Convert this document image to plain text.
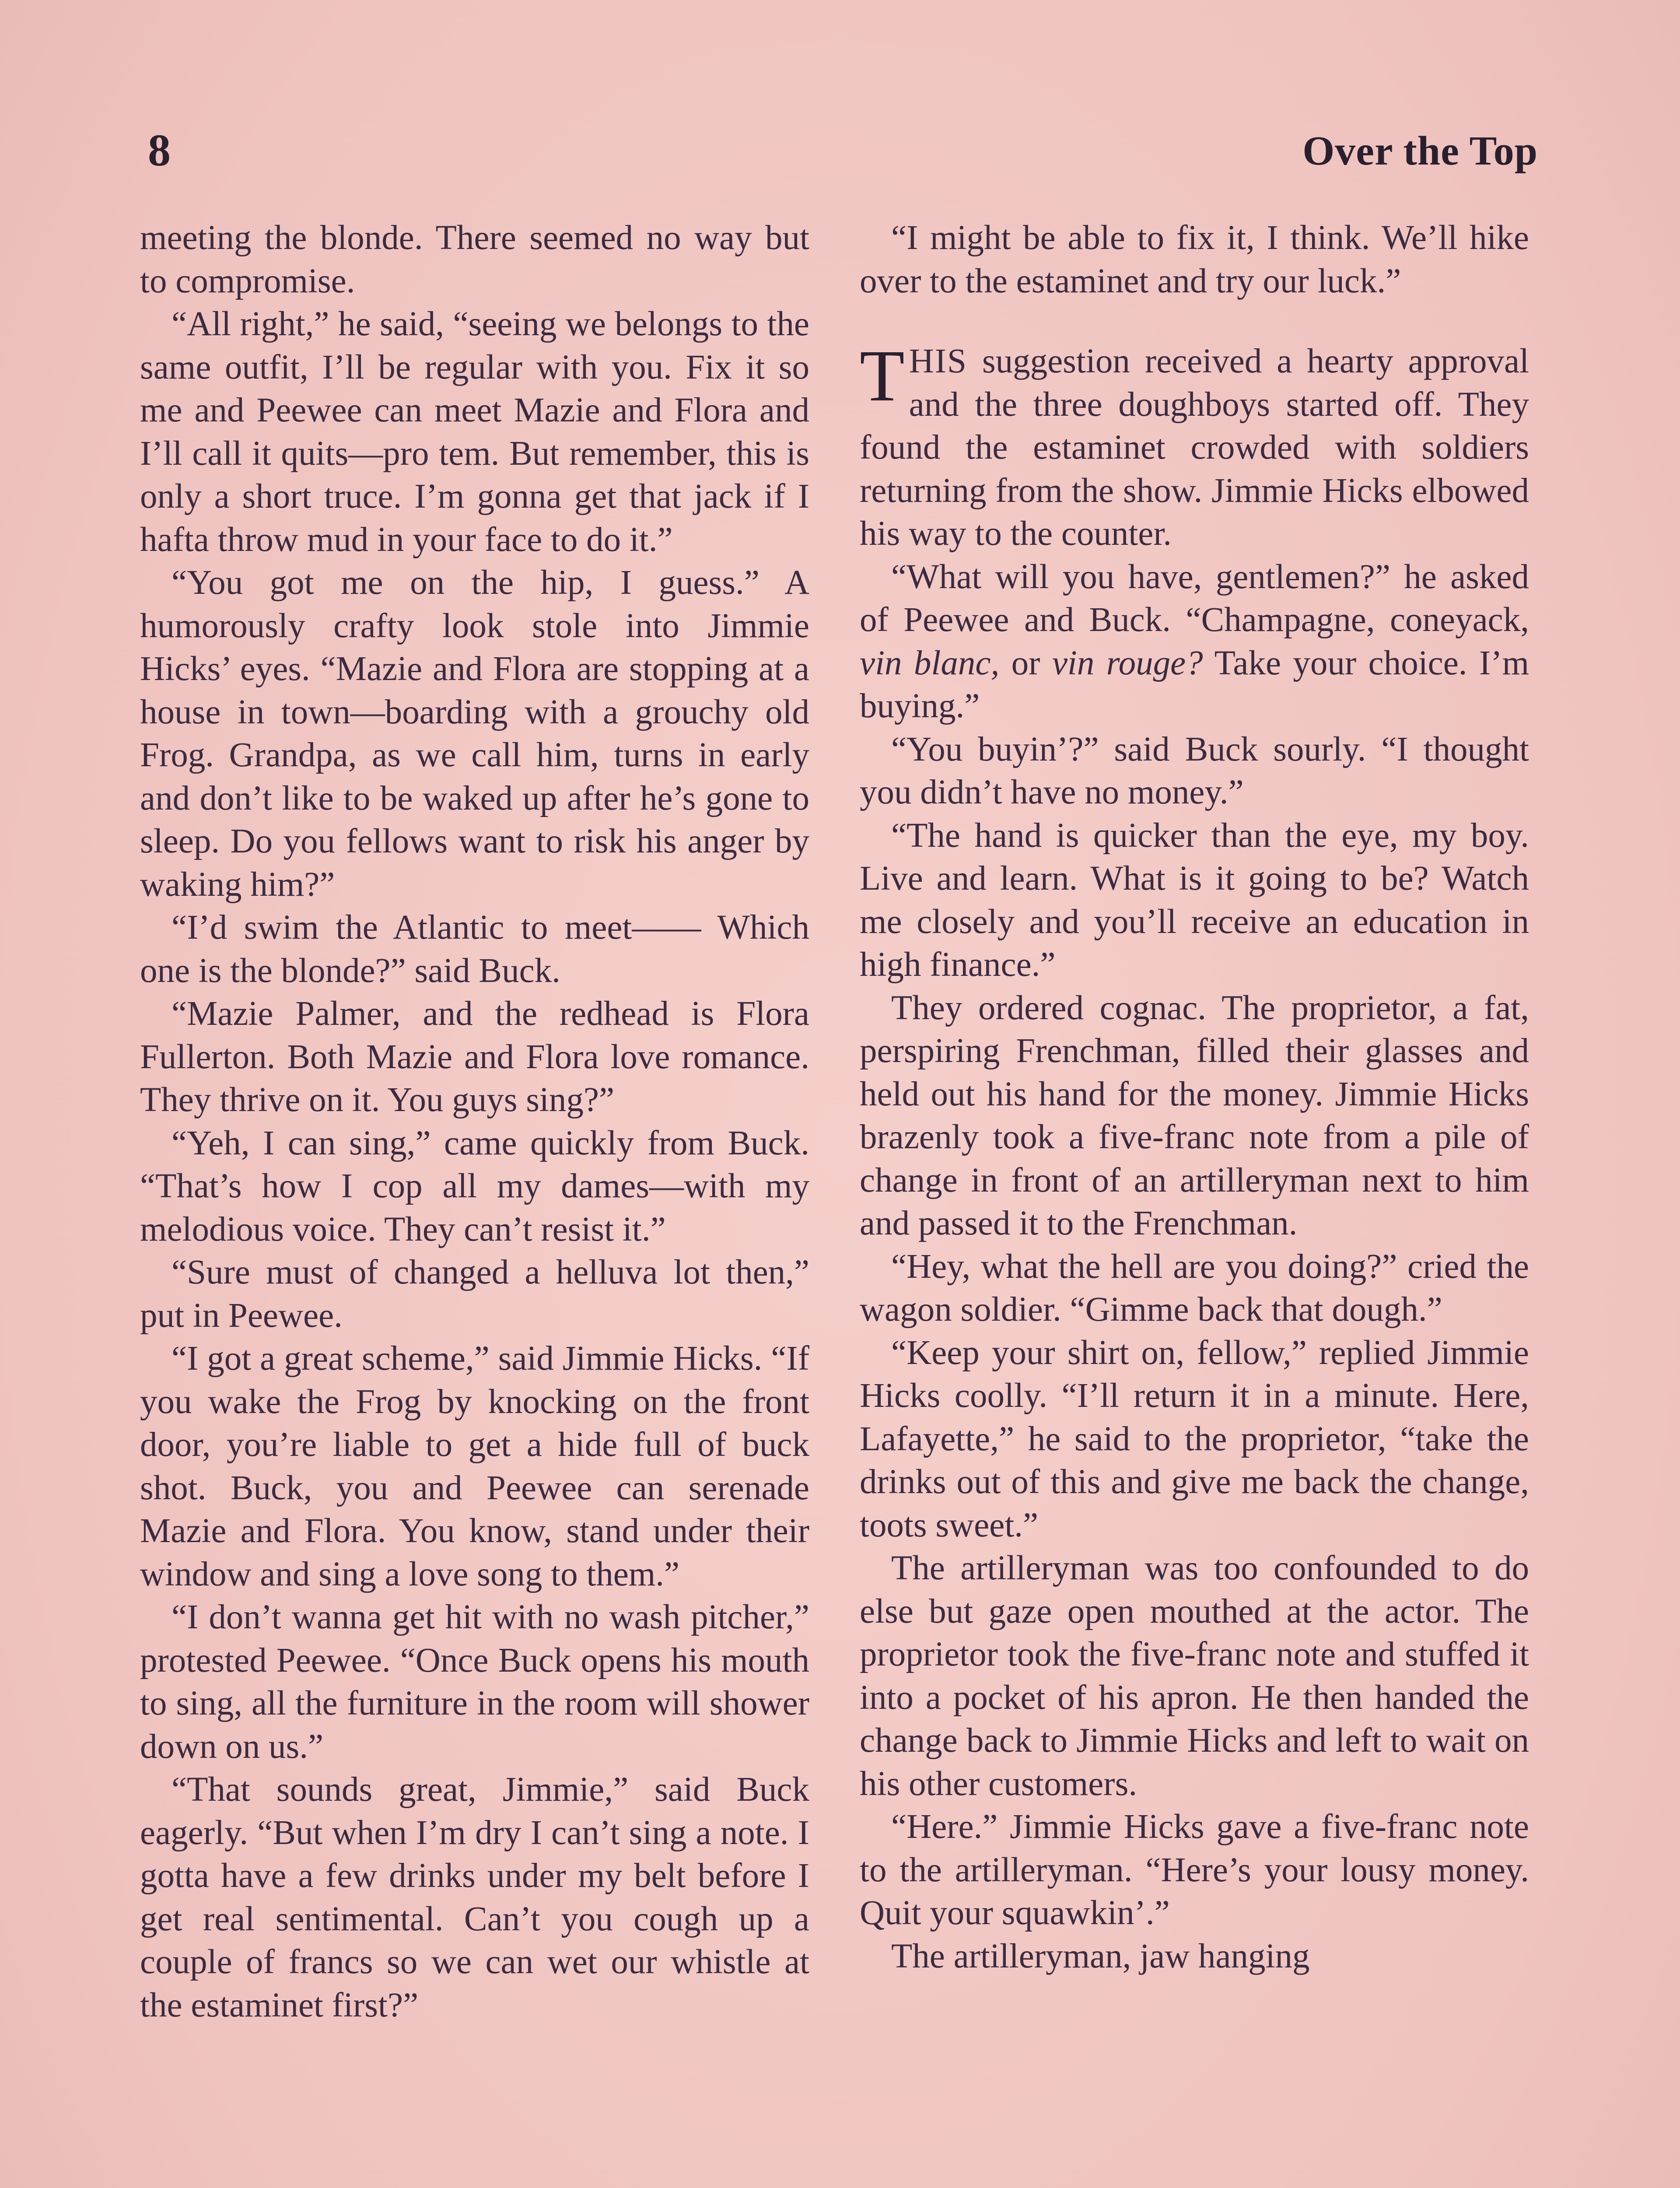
8	Over the Top

meeting the blonde. There seemed no way but to compromise.

“All right,” he said, “seeing we belongs to the same outfit, I’ll be regular with you. Fix it so me and Peewee can meet Mazie and Flora and I’ll call it quits—pro tem. But remember, this is only a short truce. I’m gonna get that jack if I hafta throw mud in your face to do it.”

“You got me on the hip, I guess.” A humorously crafty look stole into Jimmie Hicks’ eyes. “Mazie and Flora are stopping at a house in town—boarding with a grouchy old Frog. Grandpa, as we call him, turns in early and don’t like to be waked up after he’s gone to sleep. Do you fellows want to risk his anger by waking him?”

“I’d swim the Atlantic to meet—— Which one is the blonde?” said Buck.

“Mazie Palmer, and the redhead is Flora Fullerton. Both Mazie and Flora love romance. They thrive on it. You guys sing?”

“Yeh, I can sing,” came quickly from Buck. “That’s how I cop all my dames—with my melodious voice. They can’t resist it.”

“Sure must of changed a helluva lot then,” put in Peewee.

“I got a great scheme,” said Jimmie Hicks. “If you wake the Frog by knocking on the front door, you’re liable to get a hide full of buck shot. Buck, you and Peewee can serenade Mazie and Flora. You know, stand under their window and sing a love song to them.”

“I don’t wanna get hit with no wash pitcher,” protested Peewee. “Once Buck opens his mouth to sing, all the furniture in the room will shower down on us.”

“That sounds great, Jimmie,” said Buck eagerly. “But when I’m dry I can’t sing a note. I gotta have a few drinks under my belt before I get real sentimental. Can’t you cough up a couple of francs so we can wet our whistle at the estaminet first?”

“I might be able to fix it, I think. We’ll hike over to the estaminet and try our luck.”

THIS suggestion received a hearty approval and the three doughboys started off. They found the estaminet crowded with soldiers returning from the show. Jimmie Hicks elbowed his way to the counter.

“What will you have, gentlemen?” he asked of Peewee and Buck. “Champagne, coneyack, vin blanc, or vin rouge? Take your choice. I’m buying.”

“You buyin’?” said Buck sourly. “I thought you didn’t have no money.”

“The hand is quicker than the eye, my boy. Live and learn. What is it going to be? Watch me closely and you’ll receive an education in high finance.”

They ordered cognac. The proprietor, a fat, perspiring Frenchman, filled their glasses and held out his hand for the money. Jimmie Hicks brazenly took a five-franc note from a pile of change in front of an artilleryman next to him and passed it to the Frenchman.

“Hey, what the hell are you doing?” cried the wagon soldier. “Gimme back that dough.”

“Keep your shirt on, fellow,” replied Jimmie Hicks coolly. “I’ll return it in a minute. Here, Lafayette,” he said to the proprietor, “take the drinks out of this and give me back the change, toots sweet.”

The artilleryman was too confounded to do else but gaze open mouthed at the actor. The proprietor took the five-franc note and stuffed it into a pocket of his apron. He then handed the change back to Jimmie Hicks and left to wait on his other customers.

“Here.” Jimmie Hicks gave a five-franc note to the artilleryman. “Here’s your lousy money. Quit your squawkin’.”

The artilleryman, jaw hanging
